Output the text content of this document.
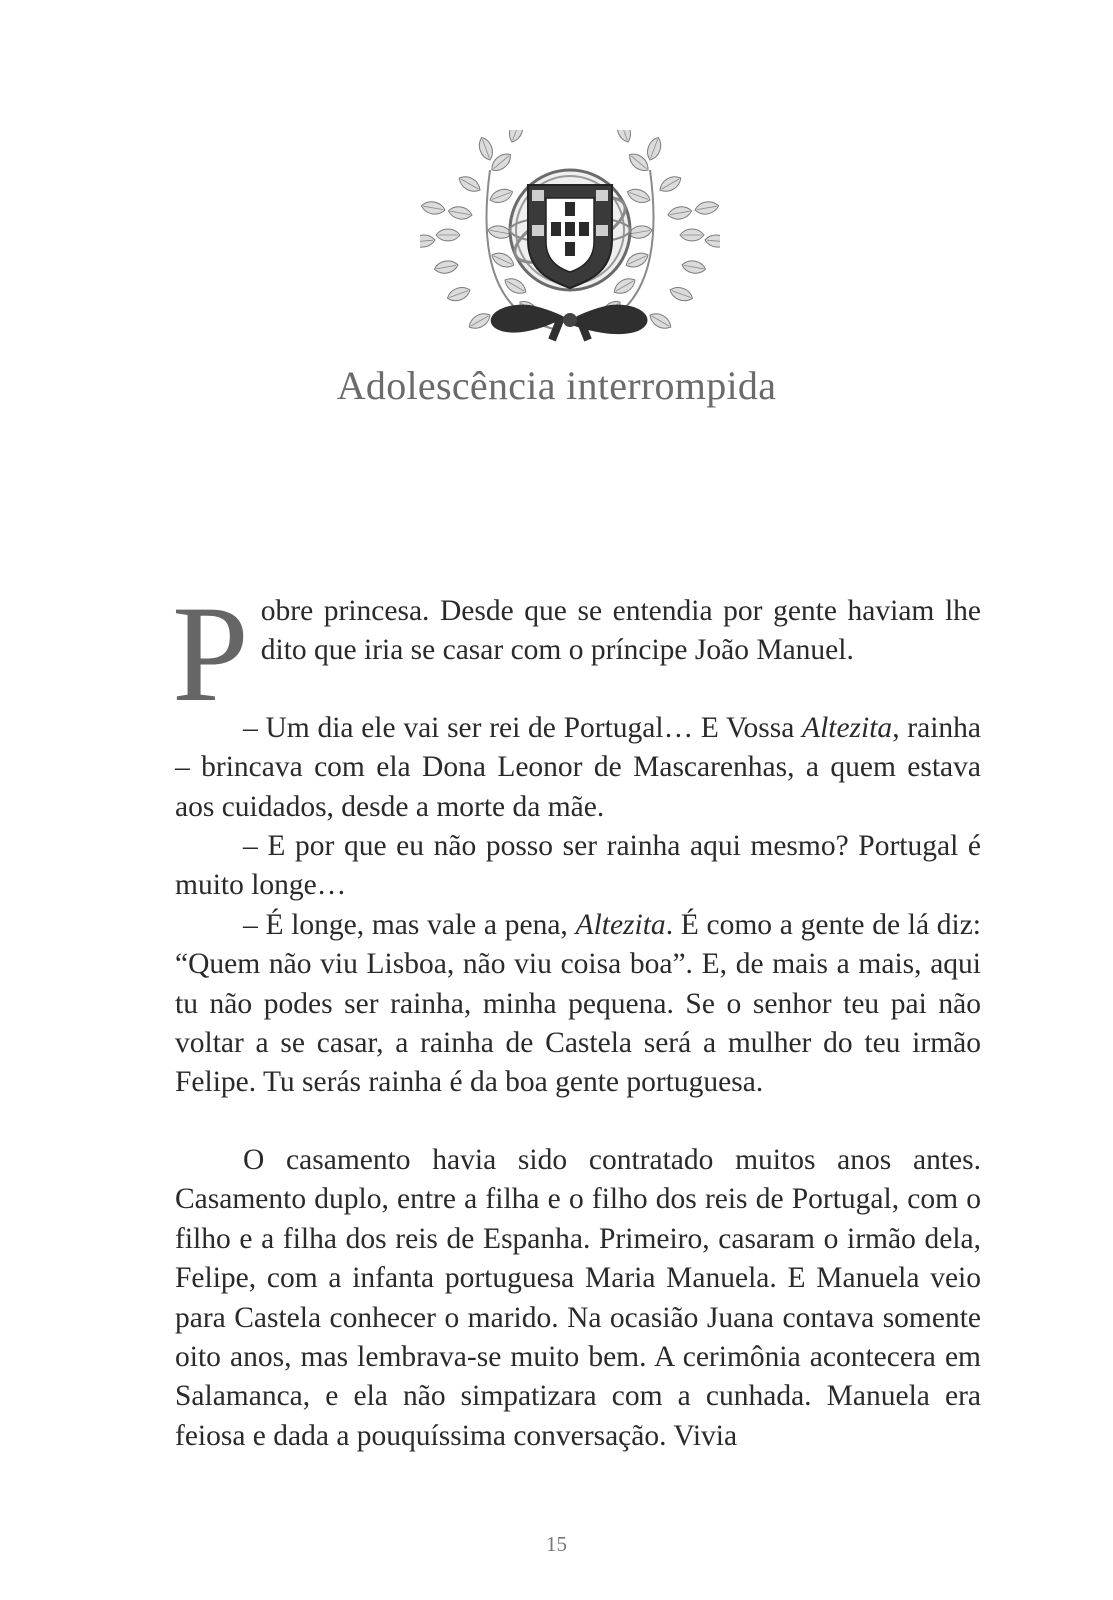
Adolescência interrompida

Pobre princesa. Desde que se entendia por gente haviam lhe dito que iria se casar com o príncipe João Manuel.

– Um dia ele vai ser rei de Portugal… E Vossa Altezita, rainha – brincava com ela Dona Leonor de Mascarenhas, a quem estava aos cuidados, desde a morte da mãe.

– E por que eu não posso ser rainha aqui mesmo? Portugal é muito longe…

– É longe, mas vale a pena, Altezita. É como a gente de lá diz: “Quem não viu Lisboa, não viu coisa boa”. E, de mais a mais, aqui tu não podes ser rainha, minha pequena. Se o senhor teu pai não voltar a se casar, a rainha de Castela será a mulher do teu irmão Felipe. Tu serás rainha é da boa gente portuguesa.

O casamento havia sido contratado muitos anos antes. Casamento duplo, entre a filha e o filho dos reis de Portugal, com o filho e a filha dos reis de Espanha. Primeiro, casaram o irmão dela, Felipe, com a infanta portuguesa Maria Manuela. E Manuela veio para Castela conhecer o marido. Na ocasião Juana contava somente oito anos, mas lembrava-se muito bem. A cerimônia acontecera em Salamanca, e ela não simpatizara com a cunhada. Manuela era feiosa e dada a pouquíssima conversação. Vivia

15
